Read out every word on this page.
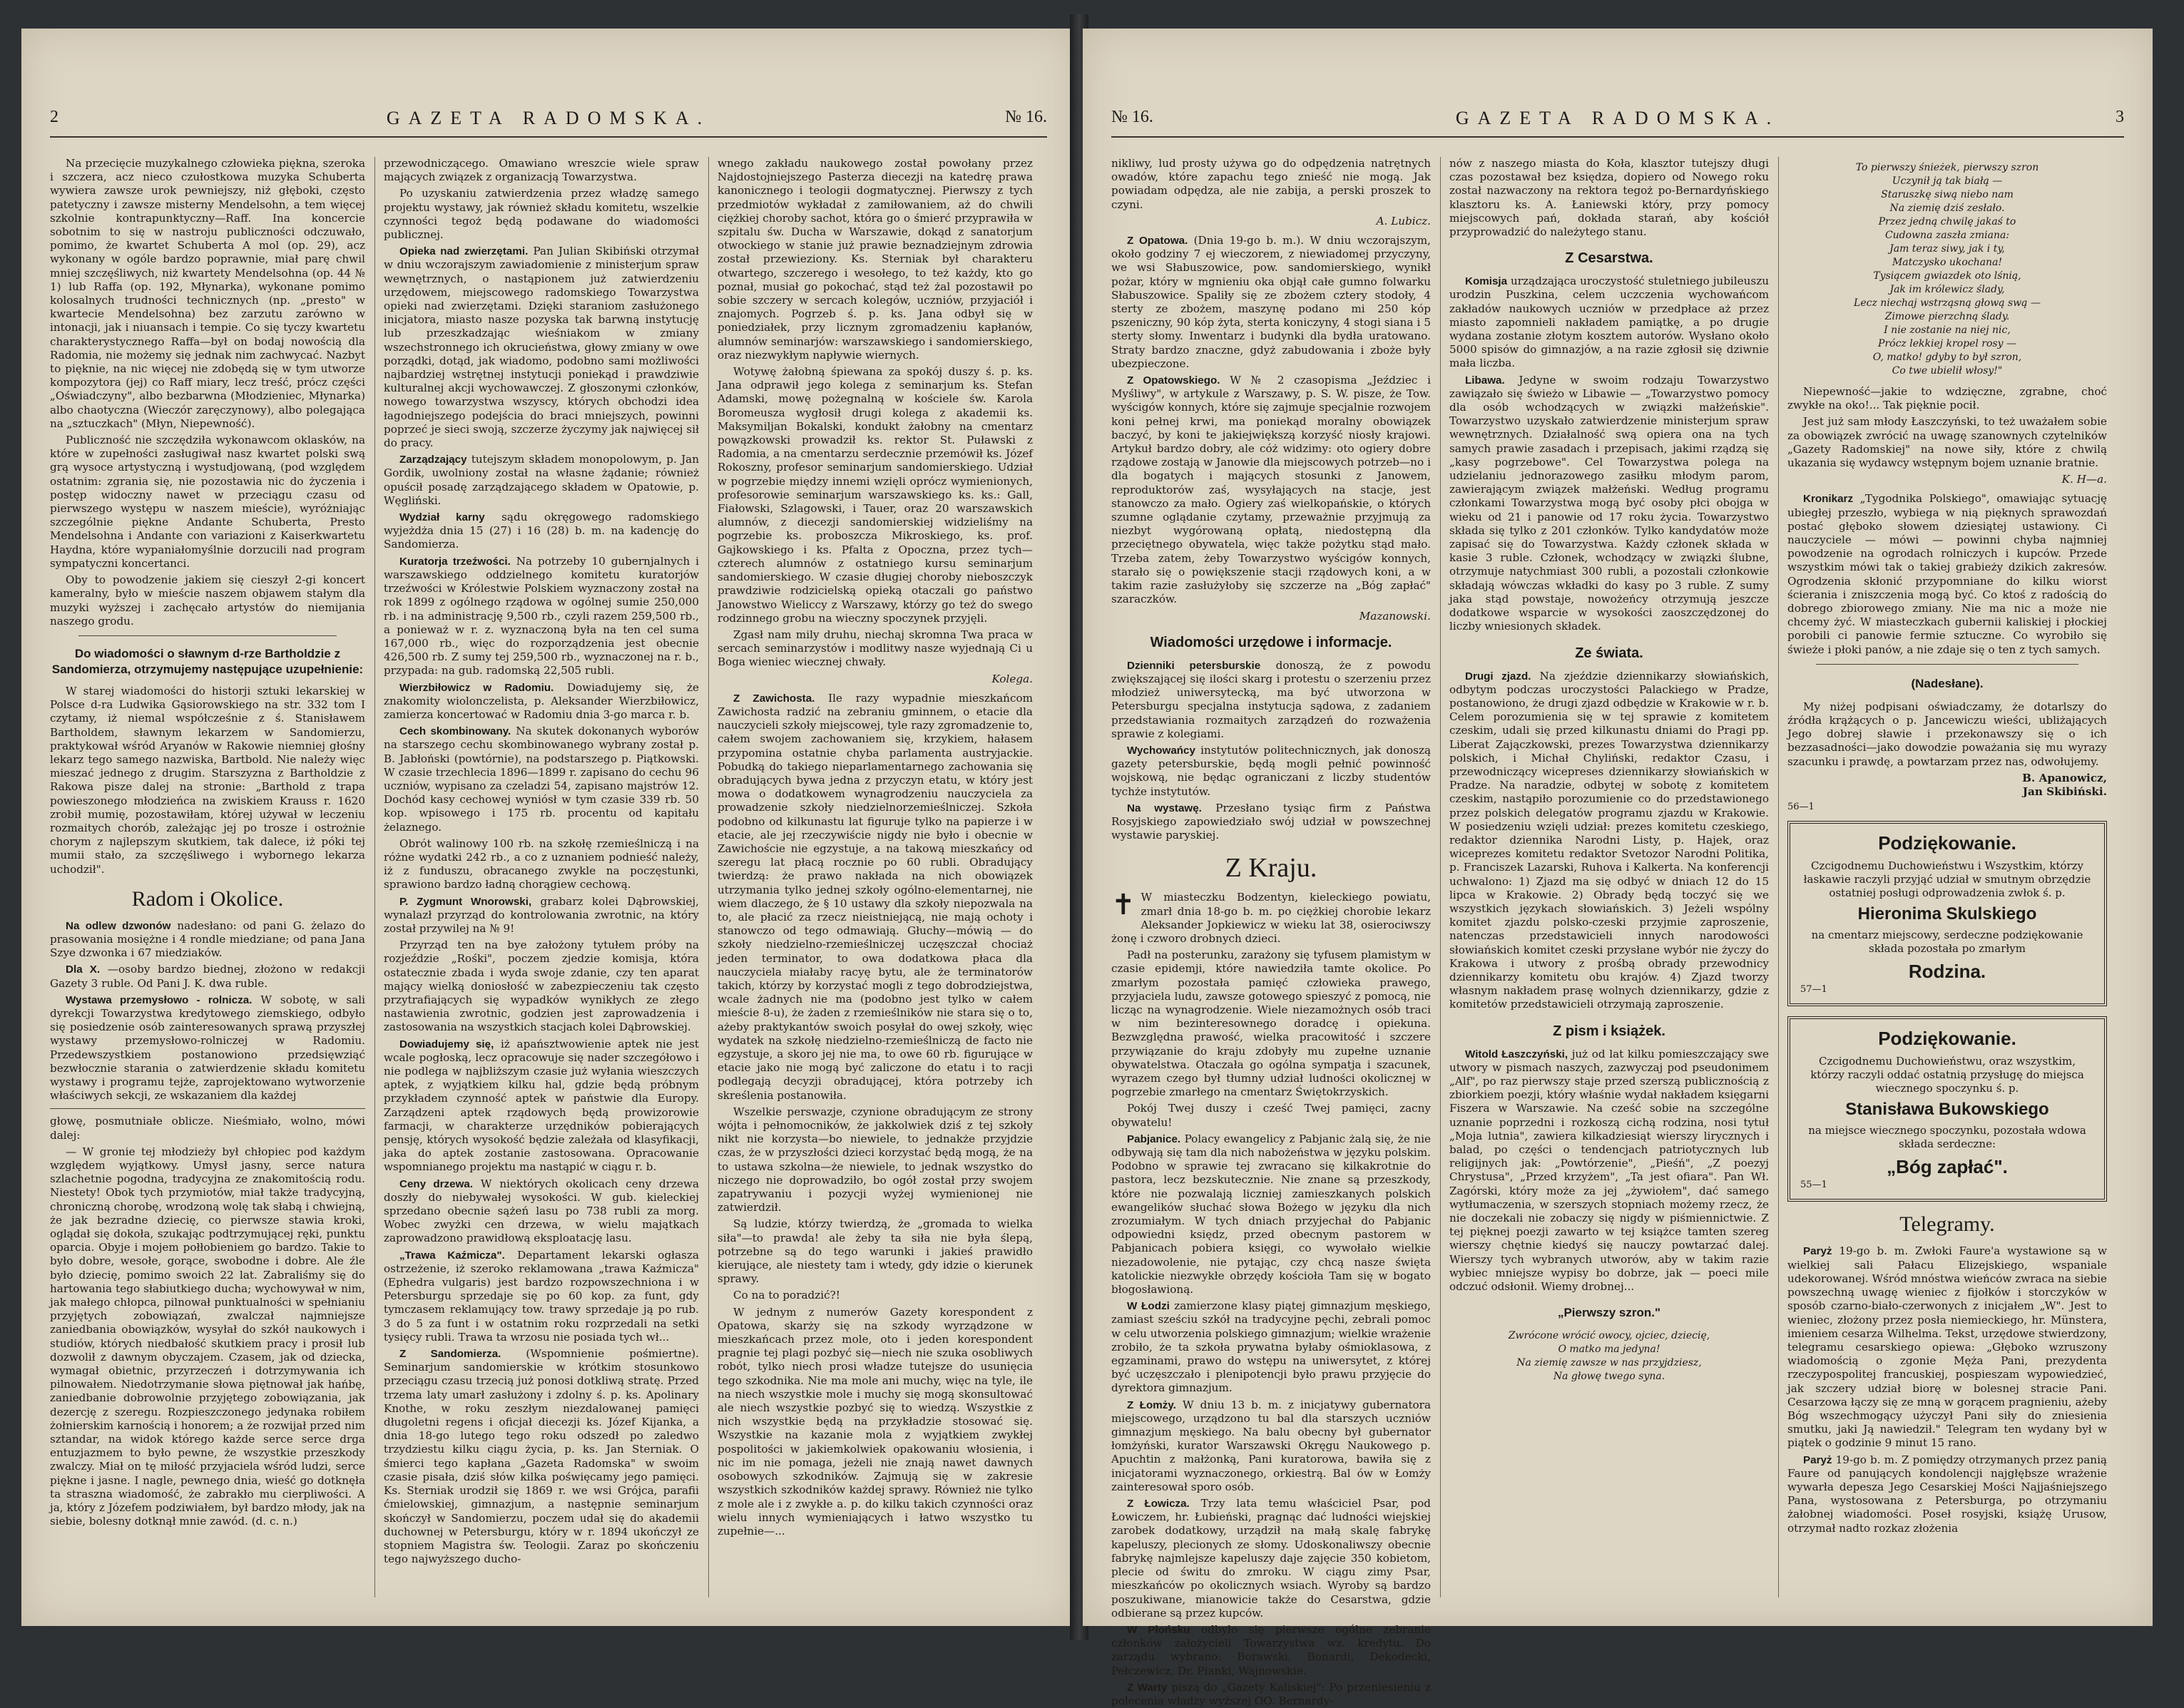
2	GAZETA RADOMSKA.	№ 16.

Na przecięcie muzykalnego człowieka piękna, szeroka i szczera, acz nieco czułostkowa muzyka Schuberta wywiera zawsze urok pewniejszy, niż głęboki, często patetyczny i zawsze misterny Mendelsohn, a tem więcej szkolnie kontrapunktyczny—Raff. Ina koncercie sobotnim to się w nastroju publiczności odczuwało, pomimo, że kwartet Schuberta A mol (op. 29), acz wykonany w ogóle bardzo poprawnie, miał parę chwil mniej szczęśliwych, niż kwartety Mendelsohna (op. 44 № 1) lub Raffa (op. 192, Młynarka), wykonane pomimo kolosalnych trudności technicznych (np. „presto" w kwartecie Mendelsohna) bez zarzutu zarówno w intonacji, jak i niuansach i tempie. Co się tyczy kwartetu charakterystycznego Raffa—był on bodaj nowością dla Radomia, nie możemy się jednak nim zachwycać. Nazbyt to pięknie, na nic więcej nie zdobędą się w tym utworze kompozytora (jej) co Raff miary, lecz treść, prócz części „Oświadczyny", albo bezbarwna (Młodzieniec, Młynarka) albo chaotyczna (Wieczór zaręczynowy), albo polegająca na „sztuczkach" (Młyn, Niepewność).

Publiczność nie szczędziła wykonawcom oklasków, na które w zupełności zasługiwał nasz kwartet polski swą grą wysoce artystyczną i wystudjowaną, (pod względem ostatnim: zgrania się, nie pozostawia nic do życzenia i postęp widoczny nawet w przeciągu czasu od pierwszego występu w naszem mieście), wyróżniając szczególnie piękne Andante Schuberta, Presto Mendelsohna i Andante con variazioni z Kaiserkwartetu Haydna, które wypaniałomyślnie dorzucili nad program sympatyczni koncertanci.

Oby to powodzenie jakiem się cieszył 2-gi koncert kameralny, było w mieście naszem objawem stałym dla muzyki wyższej i zachęcało artystów do niemijania naszego grodu.

Do wiadomości o sławnym d-rze Bartholdzie z Sandomierza, otrzymujemy następujące uzupełnienie:

W starej wiadomości do historji sztuki lekarskiej w Polsce d-ra Ludwika Gąsiorowskiego na str. 332 tom I czytamy, iż niemal współcześnie z ś. Stanisławem Bartholdem, sławnym lekarzem w Sandomierzu, praktykował wśród Aryanów w Rakowie niemniej głośny lekarz tego samego nazwiska, Bartbold. Nie należy więc mieszać jednego z drugim. Starszyzna z Bartholdzie z Rakowa pisze dalej na stronie: „Barthold z trapa powieszonego młodzieńca na zwiskiem Krauss r. 1620 zrobił mumię, pozostawiłam, której używał w leczeniu rozmaitych chorób, zależając jej po trosze i ostrożnie chorym z najlepszym skutkiem, tak dalece, iż póki tej mumii stało, za szczęśliwego i wybornego lekarza uchodził".

Radom i Okolice.

Na odlew dzwonów nadesłano: od pani G. żelazo do prasowania mosiężne i 4 rondle miedziane; od pana Jana Szye dzwonka i 67 miedziaków.

Dla X. —osoby bardzo biednej, złożono w redakcji Gazety 3 ruble. Od Pani J. K. dwa ruble.

Wystawa przemysłowo - rolnicza. W sobotę, w sali dyrekcji Towarzystwa kredytowego ziemskiego, odbyło się posiedzenie osób zainteresowanych sprawą przyszłej wystawy przemysłowo-rolniczej w Radomiu. Przedewszystkiem postanowiono przedsięwziąć bezwłocznie starania o zatwierdzenie składu komitetu wystawy i programu tejże, zaprojektowano wytworzenie właściwych sekcji, ze wskazaniem dla każdej

głowę, posmutniałe oblicze. Nieśmiało, wolno, mówi dalej:

— W gronie tej młodzieży był chłopiec pod każdym względem wyjątkowy. Umysł jasny, serce natura szlachetnie pogodna, tradycyjna ze znakomitością rodu. Niestety! Obok tych przymiotów, miał także tradycyjną, chroniczną chorobę, wrodzoną wolę tak słabą i chwiejną, że jak bezradne dziecię, co pierwsze stawia kroki, oglądał się dokoła, szukając podtrzymującej ręki, punktu oparcia. Obyje i mojem połłobieniem go bardzo. Takie to było dobre, wesołe, gorące, swobodne i dobre. Ale źle było dziecię, pomimo swoich 22 lat. Zabraliśmy się do hartowania tego słabiutkiego ducha; wychowywał w nim, jak małego chłopca, pilnował punktualności w spełnianiu przyjętych zobowiązań, zwalczał najmniejsze zaniedbania obowiązków, wysyłał do szkół naukowych i studiów, których niedbałość skutkiem pracy i prosił lub dozwolił z dawnym obyczajem. Czasem, jak od dziecka, wymagał obietnic, przyrzeczeń i dotrzymywania ich pilnowałem. Niedotrzymanie słowa piętnował jak hańbę, zaniedbanie dobrowolnie przyjętego zobowiązania, jak dezercję z szeregu. Rozpieszczonego jedynaka robiłem żołnierskim karnością i honorem; a że rozwijał przed nim sztandar, na widok którego każde serce serce drga entuzjazmem to było pewne, że wszystkie przeszkody zwalczy. Miał on tę miłość przyjaciela wśród ludzi, serce piękne i jasne. I nagle, pewnego dnia, wieść go dotknęła ta straszna wiadomość, że zabrakło mu cierpliwości. A ja, który z Józefem podziwiałem, był bardzo młody, jak na siebie, bolesny dotknął mnie zawód. (d. c. n.)

przewodniczącego. Omawiano wreszcie wiele spraw mających związek z organizacją Towarzystwa.

Po uzyskaniu zatwierdzenia przez władzę samego projektu wystawy, jak również składu komitetu, wszelkie czynności tegoż będą podawane do wiadomości publicznej.

Opieka nad zwierzętami. Pan Julian Skibiński otrzymał w dniu wczorajszym zawiadomienie z ministerjum spraw wewnętrznych, o nastąpionem już zatwierdzeniu urzędowem, miejscowego radomskiego Towarzystwa opieki nad zwierzętami. Dzięki staraniom zasłużonego inicjatora, miasto nasze pozyska tak barwną instytucję lub przeszkadzając wieśniakom w zmiany wszechstronnego ich okrucieństwa, głowy zmiany w owe porządki, dotąd, jak wiadomo, podobno sami możliwości najbardziej wstrętnej instytucji poniekąd i prawdziwie kulturalnej akcji wychowawczej. Z głoszonymi członków, nowego towarzystwa wszyscy, których obchodzi idea łagodniejszego podejścia do braci mniejszych, powinni poprzeć je sieci swoją, szczerze życzymy jak najwięcej sił do pracy.

Zarządzający tutejszym składem monopolowym, p. Jan Gordik, uwolniony został na własne żądanie; również opuścił posadę zarządzającego składem w Opatowie, p. Węgliński.

Wydział karny sądu okręgowego radomskiego wyjeżdża dnia 15 (27) i 16 (28) b. m. na kadencję do Sandomierza.

Kuratorja trzeźwości. Na potrzeby 10 gubernjalnych i warszawskiego oddzielnego komitetu kuratorjów trzeźwości w Królestwie Polskiem wyznaczony został na rok 1899 z ogólnego rządowa w ogólnej sumie 250,000 rb. i na administrację 9,500 rb., czyli razem 259,500 rb., a ponieważ w r. z. wyznaczoną była na ten cel suma 167,000 rb., więc do rozporządzenia jest obecnie 426,500 rb. Z sumy tej 259,500 rb., wyznaczonej na r. b., przypada: na gub. radomską 22,505 rubli.

Wierzbiłowicz w Radomiu. Dowiadujemy się, że znakomity wiolonczelista, p. Aleksander Wierzbiłowicz, zamierza koncertować w Radomiu dnia 3-go marca r. b.

Cech skombinowany. Na skutek dokonanych wyborów na starszego cechu skombinowanego wybrany został p. B. Jabłoński (powtórnie), na podstarszego p. Piątkowski. W czasie trzechlecia 1896—1899 r. zapisano do cechu 96 uczniów, wypisano za czeladzi 54, zapisano majstrów 12. Dochód kasy cechowej wyniósł w tym czasie 339 rb. 50 kop. wpisowego i 175 rb. procentu od kapitału żelaznego.

Obrót walinowy 100 rb. na szkołę rzemieślniczą i na różne wydatki 242 rb., a co z uznaniem podnieść należy, iż z funduszu, obracanego zwykle na poczęstunki, sprawiono bardzo ładną chorągiew cechową.

P. Zygmunt Wnorowski, grabarz kolei Dąbrowskiej, wynalazł przyrząd do kontrolowania zwrotnic, na który został przywilej na № 9!

Przyrząd ten na bye założony tytułem próby na rozjeździe „Rośki", poczem zjedzie komisja, która ostatecznie zbada i wyda swoje zdanie, czy ten aparat mający wielką doniosłość w zabezpieczeniu tak często przytrafiających się wypadków wynikłych ze złego nastawienia zwrotnic, godzien jest zaprowadzenia i zastosowania na wszystkich stacjach kolei Dąbrowskiej.

Dowiadujemy się, iż apańsztwowienie aptek nie jest wcale pogłoską, lecz opracowuje się nader szczegółowo i nie podlega w najbliższym czasie już wyłania wieszczych aptek, z wyjątkiem kilku hal, gdzie będą próbnym przykładem czynność aptek w państwie dla Europy. Zarządzeni aptek rządowych będą prowizorowie farmacji, w charakterze urzędników pobierających pensję, których wysokość będzie zależała od klasyfikacji, jaka do aptek zostanie zastosowana. Opracowanie wspomnianego projektu ma nastąpić w ciągu r. b.

Ceny drzewa. W niektórych okolicach ceny drzewa doszły do niebywałej wysokości. W gub. kieleckiej sprzedano obecnie sążeń lasu po 738 rubli za morg. Wobec zwyżki cen drzewa, w wielu majątkach zaprowadzono prawidłową eksploatację lasu.

„Trawa Kaźmicza". Departament lekarski ogłasza ostrzeżenie, iż szeroko reklamowana „trawa Kaźmicza" (Ephedra vulgaris) jest bardzo rozpowszechniona i w Petersburgu sprzedaje się po 60 kop. za funt, gdy tymczasem reklamujący tow. trawy sprzedaje ją po rub. 3 do 5 za funt i w ostatnim roku rozprzedali na setki tysięcy rubli. Trawa ta wrzosu nie posiada tych wł...

Z Sandomierza. (Wspomnienie pośmiertne). Seminarjum sandomierskie w krótkim stosunkowo przeciągu czasu trzecią już ponosi dotkliwą stratę. Przed trzema laty umarł zasłużony i zdolny ś. p. ks. Apolinary Knothe, w roku zeszłym niezdalowanej pamięci długoletni regens i oficjał diecezji ks. Józef Kijanka, a dnia 18-go lutego tego roku odszedł po zaledwo trzydziestu kilku ciągu życia, p. ks. Jan Sterniak. O śmierci tego kapłana „Gazeta Radomska" w swoim czasie pisała, dziś słów kilka poświęcamy jego pamięci. Ks. Sterniak urodził się 1869 r. we wsi Grójca, parafii ćmielowskiej, gimnazjum, a następnie seminarjum skończył w Sandomierzu, poczem udał się do akademii duchownej w Petersburgu, który w r. 1894 ukończył ze stopniem Magistra św. Teologii. Zaraz po skończeniu tego najwyższego ducho-

wnego zakładu naukowego został powołany przez Najdostojniejszego Pasterza diecezji na katedrę prawa kanonicznego i teologii dogmatycznej. Pierwszy z tych przedmiotów wykładał z zamiłowaniem, aż do chwili ciężkiej choroby sachot, która go o śmierć przyprawiła w szpitalu św. Ducha w Warszawie, dokąd z sanatorjum otwockiego w stanie już prawie beznadziejnym zdrowia został przewieziony. Ks. Sterniak był charakteru otwartego, szczerego i wesołego, to też każdy, kto go poznał, musiał go pokochać, stąd też żal pozostawił po sobie szczery w sercach kolegów, uczniów, przyjaciół i znajomych. Pogrzeb ś. p. ks. Jana odbył się w poniedziałek, przy licznym zgromadzeniu kapłanów, alumnów seminarjów: warszawskiego i sandomierskiego, oraz niezwykłym napływie wiernych.

Wotywę żałobną śpiewana za spokój duszy ś. p. ks. Jana odprawił jego kolega z seminarjum ks. Stefan Adamski, mowę pożegnalną w kościele św. Karola Boromeusza wygłosił drugi kolega z akademii ks. Maksymiljan Bokalski, kondukt żałobny na cmentarz powązkowski prowadził ks. rektor St. Puławski z Radomia, a na cmentarzu serdecznie przemówił ks. Józef Rokoszny, profesor seminarjum sandomierskiego. Udział w pogrzebie między innemi wzięli oprócz wymienionych, profesorowie seminarjum warszawskiego ks. ks.: Gall, Fiałowski, Szlagowski, i Tauer, oraz 20 warszawskich alumnów, z diecezji sandomierskiej widzieliśmy na pogrzebie ks. proboszcza Mikroskiego, ks. prof. Gajkowskiego i ks. Pfalta z Opoczna, przez tych—czterech alumnów z ostatniego kursu seminarjum sandomierskiego. W czasie długiej choroby nieboszczyk prawdziwie rodzicielską opieką otaczali go państwo Janowstwo Wieliccy z Warszawy, którzy go też do swego rodzinnego grobu na wieczny spoczynek przyjęli.

Zgasł nam mily druhu, niechaj skromna Twa praca w sercach seminarzystów i modlitwy nasze wyjednają Ci u Boga wieniec wiecznej chwały.

Kolega.

Z Zawichosta. Ile razy wypadnie mieszkańcom Zawichosta radzić na zebraniu gminnem, o etacie dla nauczycieli szkoły miejscowej, tyle razy zgromadzenie to, całem swojem zachowaniem się, krzykiem, hałasem przypomina ostatnie chyba parlamenta austryjackie. Pobudką do takiego nieparlamentarnego zachowania się obradujących bywa jedna z przyczyn etatu, w który jest mowa o dodatkowem wynagrodzeniu nauczyciela za prowadzenie szkoły niedzielnorzemieślniczej. Szkoła podobno od kilkunastu lat figuruje tylko na papierze i w etacie, ale jej rzeczywiście nigdy nie było i obecnie w Zawichoście nie egzystuje, a na takową mieszkańcy od szeregu lat płacą rocznie po 60 rubli. Obradujący twierdzą: że prawo nakłada na nich obowiązek utrzymania tylko jednej szkoły ogólno-elementarnej, nie wiem dlaczego, że § 10 ustawy dla szkoły niepozwala na to, ale płacić za rzecz nieistniejącą, nie mają ochoty i stanowczo od tego odmawiają. Głuchy—mówią — do szkoły niedzielno-rzemieślniczej uczęszczał chociaż jeden terminator, to owa dodatkowa płaca dla nauczyciela miałaby racyę bytu, ale że terminatorów takich, którzy by korzystać mogli z tego dobrodziejstwa, wcale żadnych nie ma (podobno jest tylko w całem mieście 8-u), że żaden z rzemieślników nie stara się o to, ażeby praktykantów swoich posyłał do owej szkoły, więc wydatek na szkołę niedzielno-rzemieślniczą de facto nie egzystuje, a skoro jej nie ma, to owe 60 rb. figurujące w etacie jako nie mogą być zaliczone do etatu i to racji podlegają decyzji obradującej, która potrzeby ich skreślenia postanowiła.

Wszelkie perswazje, czynione obradującym ze strony wójta i pełnomocników, że jakkolwiek dziś z tej szkoły nikt nie korzysta—bo niewiele, to jednakże przyjdzie czas, że w przyszłości dzieci korzystać będą mogą, że na to ustawa szkolna—że niewiele, to jednak wszystko do niczego nie doprowadziło, bo ogół został przy swojem zapatrywaniu i pozycji wyżej wymienionej nie zatwierdził.

Są ludzie, którzy twierdzą, że „gromada to wielka siła"—to prawda! ale żeby ta siła nie była ślepą, potrzebne są do tego warunki i jakieś prawidło kierujące, ale niestety tam i wtedy, gdy idzie o kierunek sprawy.

Co na to poradzić?!

W jednym z numerów Gazety korespondent z Opatowa, skarży się na szkody wyrządzone w mieszkańcach przez mole, oto i jeden korespondent pragnie tej plagi pozbyć się—niech nie szuka osobliwych robót, tylko niech prosi władze tutejsze do usunięcia tego szkodnika. Nie ma mole ani muchy, więc na tyle, ile na niech wszystkie mole i muchy się mogą skonsultować ale niech wszystkie pozbyć się to wiedzą. Wszystkie z nich wszystkie będą na przykładzie stosować się. Wszystkie na kazanie mola z wyjątkiem zwykłej pospolitości w jakiemkolwiek opakowaniu włosienia, i nic im nie pomaga, jeżeli nie znają nawet dawnych osobowych szkodników. Zajmują się w zakresie wszystkich szkodników każdej sprawy. Również nie tylko z mole ale i z zwykłe a. p. do kilku takich czynności oraz wielu innych wymieniających i łatwo wszystko tu zupełnie—...

№ 16.	GAZETA RADOMSKA.	3

nikliwy, lud prosty używa go do odpędzenia natrętnych owadów, które zapachu tego znieść nie mogą. Jak powiadam odpędza, ale nie zabija, a perski proszek to czyni.

A. Lubicz.

Z Opatowa. (Dnia 19-go b. m.). W dniu wczorajszym, około godziny 7 ej wieczorem, z niewiadomej przyczyny, we wsi Słabuszowice, pow. sandomierskiego, wynikł pożar, który w mgnieniu oka objął całe gumno folwarku Słabuszowice. Spaliły się ze zbożem cztery stodoły, 4 sterty ze zbożem, maszynę podano mi 250 kóp pszeniczny, 90 kóp żyta, sterta koniczyny, 4 stogi siana i 5 sterty słomy. Inwentarz i budynki dla bydła uratowano. Straty bardzo znaczne, gdyż zabudowania i zboże były ubezpieczone.

Z Opatowskiego. W № 2 czasopisma „Jeździec i Myśliwy", w artykule z Warszawy, p. S. W. pisze, że Tow. wyścigów konnych, które się zajmuje specjalnie rozwojem koni pełnej krwi, ma poniekąd moralny obowiązek baczyć, by koni te jakiejwiększą korzyść niosły krajowi. Artykuł bardzo dobry, ale cóż widzimy: oto ogiery dobre rządowe zostają w Janowie dla miejscowych potrzeb—no i dla bogatych i mających stosunki z Janowem, reproduktorów zaś, wysyłających na stacje, jest stanowczo za mało. Ogiery zaś wielkopańskie, o których szumne oglądanie czytamy, przeważnie przyjmują za niezbyt wygórowaną opłatą, niedostępną dla przeciętnego obywatela, więc także pożytku stąd mało. Trzeba zatem, żeby Towarzystwo wyścigów konnych, starało się o powiększenie stacji rządowych koni, a w takim razie zasłużyłoby się szczerze na „Bóg zapłać" szaraczków.

Mazanowski.
Wiadomości urzędowe i informacje.

Dzienniki petersburskie donoszą, że z powodu zwiększającej się ilości skarg i protestu o szerzeniu przez młodzież uniwersytecką, ma być utworzona w Petersburgu specjalna instytucja sądowa, z zadaniem przedstawiania rozmaitych zarządzeń do rozważenia sprawie z kolegiami.

Wychowańcy instytutów politechnicznych, jak donoszą gazety petersburskie, będą mogli pełnić powinność wojskową, nie będąc ograniczani z liczby studentów tychże instytutów.

Na wystawę. Przesłano tysiąc firm z Państwa Rosyjskiego zapowiedziało swój udział w powszechnej wystawie paryskiej.

Z Kraju.

✝ W miasteczku Bodzentyn, kieleckiego powiatu, zmarł dnia 18-go b. m. po ciężkiej chorobie lekarz Aleksander Jopkiewicz w wieku lat 38, osierociwszy żonę i czworo drobnych dzieci.

Padł na posterunku, zarażony się tyfusem plamistym w czasie epidemji, które nawiedziła tamte okolice. Po zmarłym pozostała pamięć człowieka prawego, przyjaciela ludu, zawsze gotowego spieszyć z pomocą, nie licząc na wynagrodzenie. Wiele niezamożnych osób traci w nim bezinteresownego doradcę i opiekuna. Bezwzględna prawość, wielka pracowitość i szczere przywiązanie do kraju zdobyły mu zupełne uznanie obywatelstwa. Otaczała go ogólna sympatja i szacunek, wyrazem czego był tłumny udział ludności okolicznej w pogrzebie zmarłego na cmentarz Świętokrzyskich.

Pokój Twej duszy i cześć Twej pamięci, zacny obywatelu!

Pabjanice. Polacy ewangelicy z Pabjanic żalą się, że nie odbywają się tam dla nich nabożeństwa w języku polskim. Podobno w sprawie tej zwracano się kilkakrotnie do pastora, lecz bezskutecznie. Nie znane są przeszkody, które nie pozwalają liczniej zamieszkanych polskich ewangelików słuchać słowa Bożego w języku dla nich zrozumiałym. W tych dniach przyjechał do Pabjanic odpowiedni księdz, przed obecnym pastorem w Pabjanicach pobiera księgi, co wywołało wielkie niezadowolenie, nie pytając, czy chcą nasze święta katolickie niezwykłe obrzędy kościoła Tam się w bogato błogosławioną.

W Łodzi zamierzone klasy piątej gimnazjum męskiego, zamiast sześciu szkół na tradycyjne pęchi, zebrali pomoc w celu utworzenia polskiego gimnazjum; wielkie wrażenie zrobiło, że ta szkoła prywatna byłaby ośmioklasowa, z egzaminami, prawo do wstępu na uniwersytet, z której być uczęszczało i plenipotencji było prawu przyjęcie do dyrektora gimnazjum.

Z Łomży. W dniu 13 b. m. z inicjatywy gubernatora miejscowego, urządzono tu bal dla starszych uczniów gimnazjum męskiego. Na balu obecny był gubernator łomżyński, kurator Warszawski Okręgu Naukowego p. Apuchtin z małżonką, Pani kuratorowa, bawiła się z inicjatorami wyznaczonego, orkiestrą. Bal ów w Łomży zainteresował sporo osób.

Z Łowicza. Trzy lata temu właściciel Psar, pod Łowiczem, hr. Łubieński, pragnąc dać ludności wiejskiej zarobek dodatkowy, urządził na małą skalę fabrykę kapeluszy, plecionych ze słomy. Udoskonaliwszy obecnie fabrykę najmlejsze kapeluszy daje zajęcie 350 kobietom, plecie od świtu do zmroku. W ciągu zimy Psar, mieszkańców po okolicznych wsiach. Wyroby są bardzo poszukiwane, mianowicie także do Cesarstwa, gdzie odbierane są przez kupców.

W Płońsku odbyło się pierwsze ogólne zebranie członków założycieli Towarzystwa wz. kredytu. Do zarządu wybrano: Borawski, Bonardi, Dekodecki, Pełczewicz, Dr. Pianki, Wajnowskie.

Z Warty piszą do „Gazety Kaliskiej": Po przeniesieniu z polecenia władzy wyższej OO. Bernardy-

nów z naszego miasta do Koła, klasztor tutejszy długi czas pozostawał bez księdza, dopiero od Nowego roku został nazwaczony na rektora tegoż po-Bernardyńskiego klasztoru ks. A. Łaniewski który, przy pomocy miejscowych pań, dokłada starań, aby kościół przyprowadzić do należytego stanu.

Z Cesarstwa.

Komisja urządzająca uroczystość stuletniego jubileuszu urodzin Puszkina, celem uczczenia wychowańcom zakładów naukowych uczniów w przedpłace aż przez miasto zapomnieli nakładem pamiątkę, a po drugie wydana zostanie złotym kosztem autorów. Wysłano około 5000 spisów do gimnazjów, a na razie zgłosił się dziwnie mała liczba.

Libawa. Jedyne w swoim rodzaju Towarzystwo zawiązało się świeżo w Libawie — „Towarzystwo pomocy dla osób wchodzących w związki małżeńskie". Towarzystwo uzyskało zatwierdzenie ministerjum spraw wewnętrznych. Działalność swą opiera ona na tych samych prawie zasadach i przepisach, jakimi rządzą się „kasy pogrzebowe". Cel Towarzystwa polega na udzielaniu jednorazowego zasiłku młodym parom, zawierającym związek małżeński. Według programu członkami Towarzystwa mogą być osoby płci obojga w wieku od 21 i panowie od 17 roku życia. Towarzystwo składa się tylko z 201 członków. Tylko kandydatów może zapisać się do Towarzystwa. Każdy członek składa w kasie 3 ruble. Członek, wchodzący w związki ślubne, otrzymuje natychmiast 300 rubli, a pozostali członkowie składają wówczas wkładki do kasy po 3 ruble. Z sumy jaka stąd powstaje, nowożeńcy otrzymują jeszcze dodatkowe wsparcie w wysokości zaoszczędzonej do liczby wniesionych składek.

Ze świata.

Drugi zjazd. Na zjeździe dziennikarzy słowiańskich, odbytym podczas uroczystości Palackiego w Pradze, postanowiono, że drugi zjazd odbędzie w Krakowie w r. b. Celem porozumienia się w tej sprawie z komitetem czeskim, udali się przed kilkunastu dniami do Pragi pp. Liberat Zajączkowski, prezes Towarzystwa dziennikarzy polskich, i Michał Chyliński, redaktor Czasu, i przewodniczący wicepreses dziennikarzy słowiańskich w Pradze. Na naradzie, odbytej w sobotę z komitetem czeskim, nastąpiło porozumienie co do przedstawionego przez polskich delegatów programu zjazdu w Krakowie. W posiedzeniu wzięli udział: prezes komitetu czeskiego, redaktor dziennika Narodni Listy, p. Hajek, oraz wiceprezes komitetu redaktor Svetozor Narodni Politika, p. Franciszek Lazarski, Ruhova i Kalkerta. Na konferencji uchwalono: 1) Zjazd ma się odbyć w dniach 12 do 15 lipca w Krakowie. 2) Obrady będą toczyć się we wszystkich językach słowiańskich. 3) Jeżeli wspólny komitet zjazdu polsko-czeski przyjmie zaproszenie, natenczas przedstawicieli innych narodowości słowiańskich komitet czeski przysłane wybór nie życzy do Krakowa i utwory z prośbą obrady przewodnicy dziennikarzy komitetu obu krajów. 4) Zjazd tworzy własnym nakładem prasę wolnych dziennikarzy, gdzie z komitetów przedstawicieli otrzymają zaproszenie.

Z pism i książek.

Witold Łaszczyński, już od lat kilku pomieszczający swe utwory w pismach naszych, zazwyczaj pod pseudonimem „Alf", po raz pierwszy staje przed szerszą publicznością z zbiorkiem poezji, który właśnie wydał nakładem księgarni Fiszera w Warszawie. Na cześć sobie na szczególne uznanie poprzedni i rozkoszą cichą rodzina, nosi tytuł „Moja lutnia", zawiera kilkadziesiąt wierszy lirycznych i balad, po części o tendencjach patriotycznych lub religijnych jak: „Powtórzenie", „Pieśń", „Z poezyj Chrystusa", „Przed krzyżem", „Ta jest ofiara". Pan Wł. Zagórski, który może za jej „żywiołem", dać samego wytłumaczenia, w szerszych stopniach możemy rzecz, że nie doczekali nie zobaczy się nigdy w piśmiennictwie. Z tej pięknej poezji zawarto w tej książce tamten szereg wierszy chętnie kiedyś się nauczy powtarzać dalej. Wierszy tych wybranych utworów, aby w takim razie wybiec mniejsze wypisy bo dobrze, jak — poeci mile odczuć odsłonił. Wiemy drobnej...

„Pierwszy szron."
Zwrócone wrócić owocy, ojciec, dziecię,
O matko ma jedyna!
Na ziemię zawsze w nas przyjdziesz,
Na głowę twego syna.
To pierwszy śnieżek, pierwszy szron
Uczynił ją tak białą —
Staruszkę siwą niebo nam
Na ziemię dziś zesłało.
Przez jedną chwilę jakaś to
Cudowna zaszła zmiana:
Jam teraz siwy, jak i ty,
Matczysko ukochana!
Tysiącem gwiazdek oto lśnią,
Jak im królewicz ślady,
Lecz niechaj wstrząsną głową swą —
Zimowe pierzchną ślady.
I nie zostanie na niej nic,
Prócz lekkiej kropel rosy —
O, matko! gdyby to był szron,
Co twe ubielił włosy!"

Niepewność—jakie to wdzięczne, zgrabne, choć zwykłe na oko!... Tak pięknie pocił.

Jest już sam młody Łaszczyński, to też uważałem sobie za obowiązek zwrócić na uwagę szanownych czytelników „Gazety Radomskiej" na nowe siły, które z chwilą ukazania się wydawcy wstępnym bojem uznanie bratnie.

K. H—a.

Kronikarz „Tygodnika Polskiego", omawiając sytuację ubiegłej przeszło, wybiega w nią pięknych sprawozdań postać głęboko słowem dziesiątej ustawiony. Ci nauczyciele — mówi — powinni chyba najmniej powodzenie na ogrodach rolniczych i kupców. Przede wszystkim mówi tak o takiej grabieży dzikich zakresów. Ogrodzenia skłonić przypomniane do kilku wiorst ścierania i zniszczenia mogą być. Co ktoś z radością do dobrego zbiorowego zmiany. Nie ma nic a może nie chcemy żyć. W miasteczkach gubernii kaliskiej i płockiej porobili ci panowie fermie sztuczne. Co wyrobiło się świeże i płoki panów, a nie zdaje się o ten z tych samych.

(Nadesłane).

My niżej podpisani oświadczamy, że dotarlszy do źródła krążących o p. Jancewiczu wieści, ubliżających Jego dobrej sławie i przekonawszy się o ich bezzasadności—jako dowodzie poważania się mu wyrazy szacunku i prawdę, a powtarzam przez nas, odwołujemy.

B. Apanowicz,
Jan Skibiński.
56—1
Podziękowanie.
Czcigodnemu Duchowieństwu i Wszystkim, którzy łaskawie raczyli przyjąć udział w smutnym obrzędzie ostatniej posługi odprowadzenia zwłok ś. p.
Hieronima Skulskiego
na cmentarz miejscowy, serdeczne podziękowanie składa pozostała po zmarłym
Rodzina.
57—1
Podziękowanie.
Czcigodnemu Duchowieństwu, oraz wszystkim, którzy raczyli oddać ostatnią przysługę do miejsca wiecznego spoczynku ś. p.
Stanisława Bukowskiego
na miejsce wiecznego spoczynku, pozostała wdowa składa serdeczne:
„Bóg zapłać".
55—1
Telegramy.

Paryż 19-go b. m. Zwłoki Faure'a wystawione są w wielkiej sali Pałacu Elizejskiego, wspaniale udekorowanej. Wśród mnóstwa wieńców zwraca na siebie powszechną uwagę wieniec z fijołków i storczyków w sposób czarno-biało-czerwonych z inicjałem „W". Jest to wieniec, złożony przez posła niemieckiego, hr. Münstera, imieniem cesarza Wilhelma. Tekst, urzędowe stwierdzony, telegramu cesarskiego opiewa: „Głęboko wzruszony wiadomością o zgonie Męża Pani, prezydenta rzeczypospolitej francuskiej, pospieszam wypowiedzieć, jak szczery udział biorę w bolesnej stracie Pani. Cesarzowa łączy się ze mną w gorącem pragnieniu, ażeby Bóg wszechmogący użyczył Pani siły do zniesienia smutku, jaki Ją nawiedził." Telegram ten wydany był w piątek o godzinie 9 minut 15 rano.

Paryż 19-go b. m. Z pomiędzy otrzymanych przez panią Faure od panujących kondolencji najgłębsze wrażenie wywarła depesza Jego Cesarskiej Mości Najjaśniejszego Pana, wystosowana z Petersburga, po otrzymaniu żałobnej wiadomości. Poseł rosyjski, książę Urusow, otrzymał nadto rozkaz złożenia
